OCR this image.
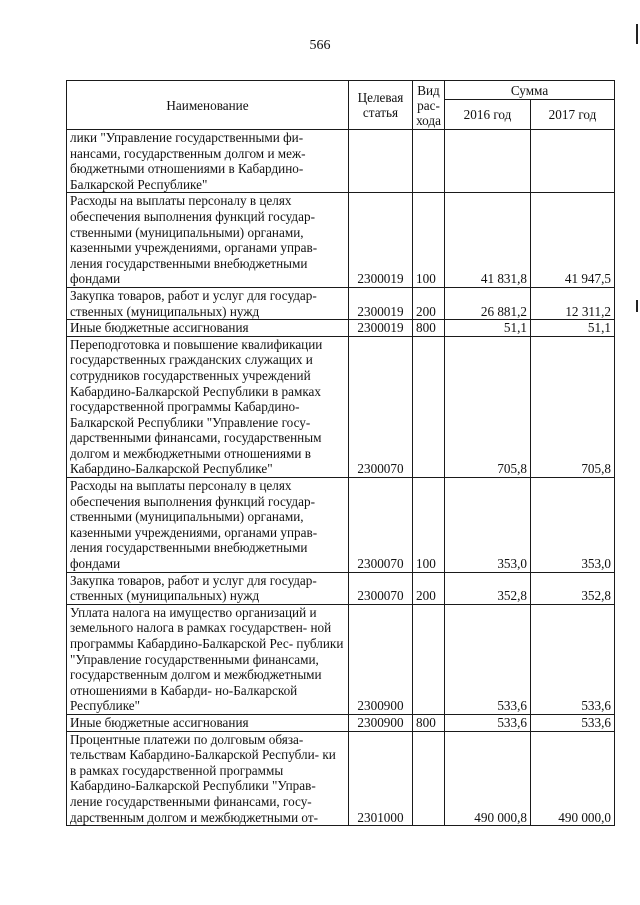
566
Наименование	Целевая статья	Вид рас- хода	Сумма	
			2016 год	2017 год
лики "Управление государственными фи- нансами, государственным долгом и меж- бюджетными отношениями в Кабардино- Балкарской Республике"				
Расходы на выплаты персоналу в целях обеспечения выполнения функций государ- ственными (муниципальными) органами, казенными учреждениями, органами управ- ления государственными внебюджетными фондами	2300019	100	41 831,8	41 947,5
Закупка товаров, работ и услуг для государ- ственных (муниципальных) нужд	2300019	200	26 881,2	12 311,2
Иные бюджетные ассигнования	2300019	800	51,1	51,1
Переподготовка и повышение квалификации государственных гражданских служащих и сотрудников государственных учреждений Кабардино-Балкарской Республики в рамках государственной программы Кабардино- Балкарской Республики "Управление госу- дарственными финансами, государственным долгом и межбюджетными отношениями в Кабардино-Балкарской Республике"	2300070		705,8	705,8
Расходы на выплаты персоналу в целях обеспечения выполнения функций государ- ственными (муниципальными) органами, казенными учреждениями, органами управ- ления государственными внебюджетными фондами	2300070	100	353,0	353,0
Закупка товаров, работ и услуг для государ- ственных (муниципальных) нужд	2300070	200	352,8	352,8
Уплата налога на имущество организаций и земельного налога в рамках государствен- ной программы Кабардино-Балкарской Рес- публики "Управление государственными финансами, государственным долгом и межбюджетными отношениями в Кабарди- но-Балкарской Республике"	2300900		533,6	533,6
Иные бюджетные ассигнования	2300900	800	533,6	533,6
Процентные платежи по долговым обяза- тельствам Кабардино-Балкарской Республи- ки в рамках государственной программы Кабардино-Балкарской Республики "Управ- ление государственными финансами, госу- дарственным долгом и межбюджетными от-	2301000		490 000,8	490 000,0
